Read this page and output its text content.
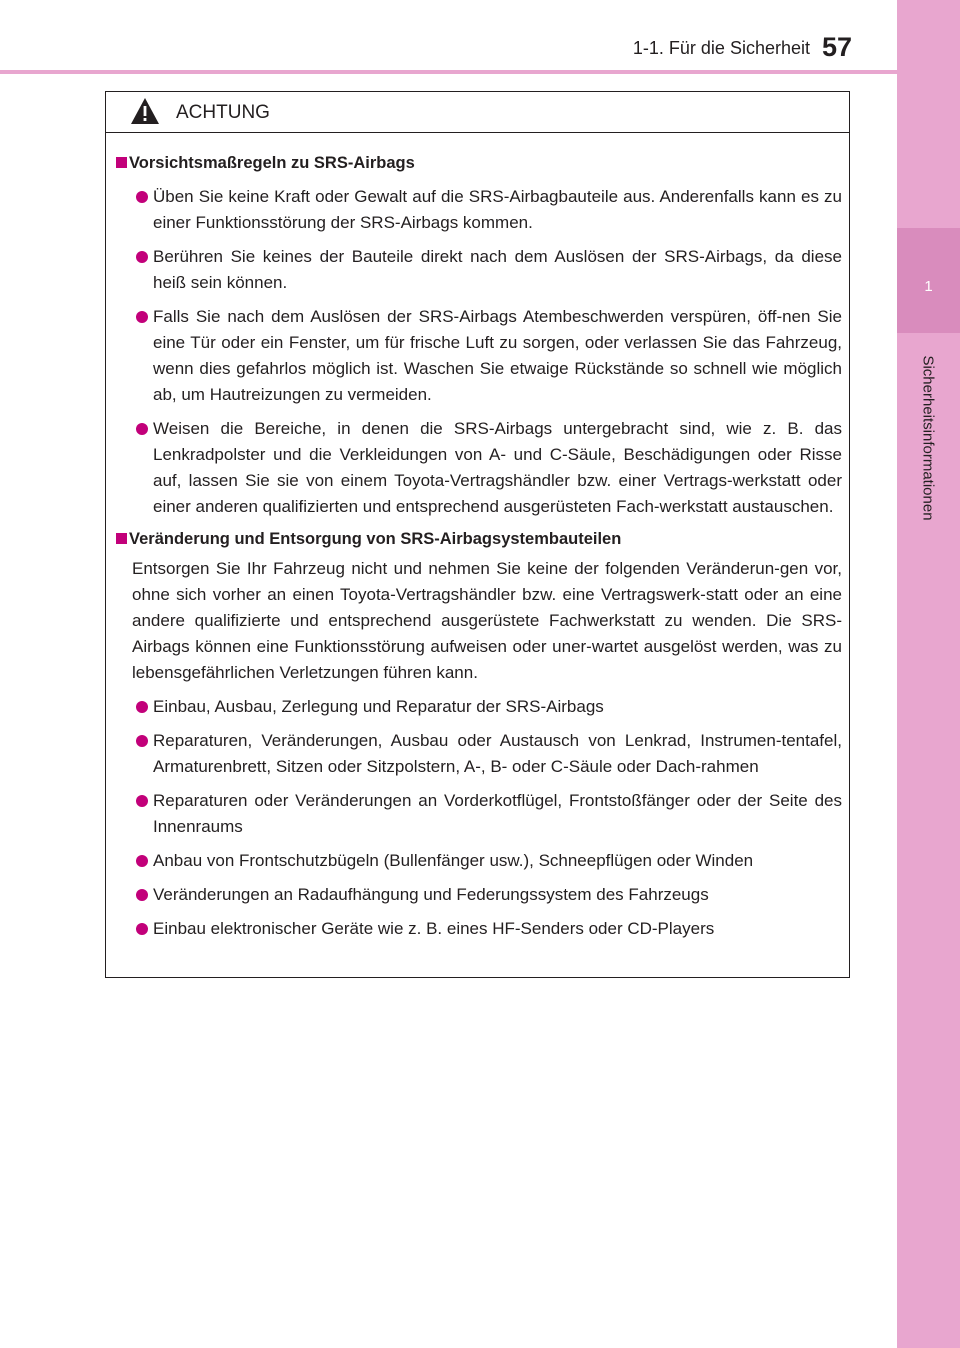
1
Sicherheitsinformationen
1-1. Für die Sicherheit 57
ACHTUNG
Vorsichtsmaßregeln zu SRS-Airbags
Üben Sie keine Kraft oder Gewalt auf die SRS-Airbagbauteile aus. Anderenfalls kann es zu einer Funktionsstörung der SRS-Airbags kommen.
Berühren Sie keines der Bauteile direkt nach dem Auslösen der SRS-Airbags, da diese heiß sein können.
Falls Sie nach dem Auslösen der SRS-Airbags Atembeschwerden verspüren, öff-nen Sie eine Tür oder ein Fenster, um für frische Luft zu sorgen, oder verlassen Sie das Fahrzeug, wenn dies gefahrlos möglich ist. Waschen Sie etwaige Rückstände so schnell wie möglich ab, um Hautreizungen zu vermeiden.
Weisen die Bereiche, in denen die SRS-Airbags untergebracht sind, wie z. B. das Lenkradpolster und die Verkleidungen von A- und C-Säule, Beschädigungen oder Risse auf, lassen Sie sie von einem Toyota-Vertragshändler bzw. einer Vertrags-werkstatt oder einer anderen qualifizierten und entsprechend ausgerüsteten Fach-werkstatt austauschen.
Veränderung und Entsorgung von SRS-Airbagsystembauteilen
Entsorgen Sie Ihr Fahrzeug nicht und nehmen Sie keine der folgenden Veränderun-gen vor, ohne sich vorher an einen Toyota-Vertragshändler bzw. eine Vertragswerk-statt oder an eine andere qualifizierte und entsprechend ausgerüstete Fachwerkstatt zu wenden. Die SRS-Airbags können eine Funktionsstörung aufweisen oder uner-wartet ausgelöst werden, was zu lebensgefährlichen Verletzungen führen kann.
Einbau, Ausbau, Zerlegung und Reparatur der SRS-Airbags
Reparaturen, Veränderungen, Ausbau oder Austausch von Lenkrad, Instrumen-tentafel, Armaturenbrett, Sitzen oder Sitzpolstern, A-, B- oder C-Säule oder Dach-rahmen
Reparaturen oder Veränderungen an Vorderkotflügel, Frontstoßfänger oder der Seite des Innenraums
Anbau von Frontschutzbügeln (Bullenfänger usw.), Schneepflügen oder Winden
Veränderungen an Radaufhängung und Federungssystem des Fahrzeugs
Einbau elektronischer Geräte wie z. B. eines HF-Senders oder CD-Players
